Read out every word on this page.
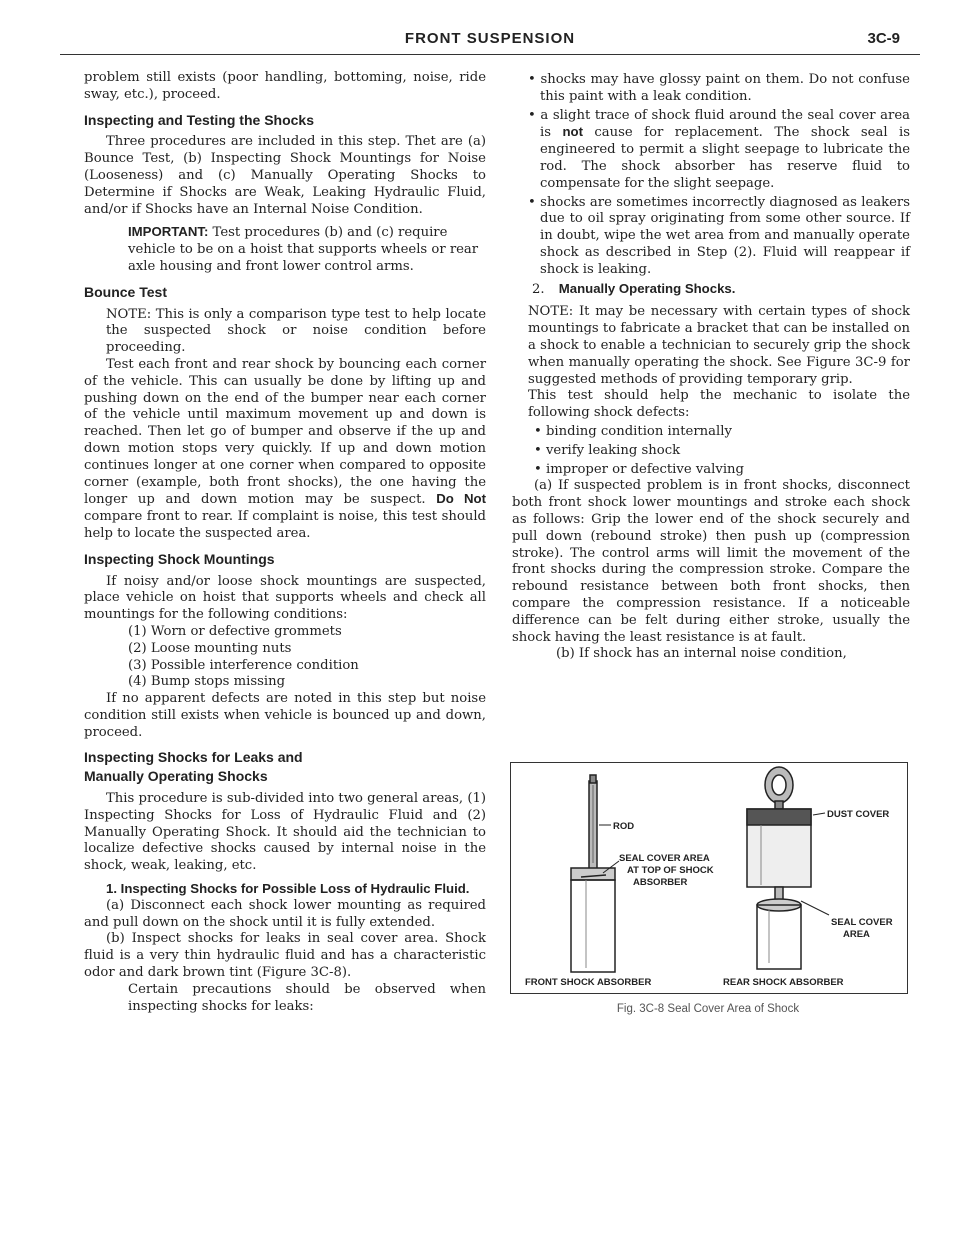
FRONT SUSPENSION	3C-9

problem still exists (poor handling, bottoming, noise, ride sway, etc.), proceed.

Inspecting and Testing the Shocks

Three procedures are included in this step. Thet are (a) Bounce Test, (b) Inspecting Shock Mountings for Noise (Looseness) and (c) Manually Operating Shocks to Determine if Shocks are Weak, Leaking Hydraulic Fluid, and/or if Shocks have an Internal Noise Condition.

IMPORTANT: Test procedures (b) and (c) require vehicle to be on a hoist that supports wheels or rear axle housing and front lower control arms.

Bounce Test

NOTE: This is only a comparison type test to help locate the suspected shock or noise condition before proceeding.

Test each front and rear shock by bouncing each corner of the vehicle. This can usually be done by lifting up and pushing down on the end of the bumper near each corner of the vehicle until maximum movement up and down is reached. Then let go of bumper and observe if the up and down motion stops very quickly. If up and down motion continues longer at one corner when compared to opposite corner (example, both front shocks), the one having the longer up and down motion may be suspect. Do Not compare front to rear. If complaint is noise, this test should help to locate the suspected area.

Inspecting Shock Mountings

If noisy and/or loose shock mountings are suspected, place vehicle on hoist that supports wheels and check all mountings for the following conditions:

(1) Worn or defective grommets

(2) Loose mounting nuts

(3) Possible interference condition

(4) Bump stops missing

If no apparent defects are noted in this step but noise condition still exists when vehicle is bounced up and down, proceed.

Inspecting Shocks for Leaks and

Manually Operating Shocks

This procedure is sub-divided into two general areas, (1) Inspecting Shocks for Loss of Hydraulic Fluid and (2) Manually Operating Shock. It should aid the technician to localize defective shocks caused by internal noise in the shock, weak, leaking, etc.

1. Inspecting Shocks for Possible Loss of Hydraulic Fluid.

(a) Disconnect each shock lower mounting as required and pull down on the shock until it is fully extended.

(b) Inspect shocks for leaks in seal cover area. Shock fluid is a very thin hydraulic fluid and has a characteristic odor and dark brown tint (Figure 3C-8).

Certain precautions should be observed when inspecting shocks for leaks:

• shocks may have glossy paint on them. Do not confuse this paint with a leak condition.

• a slight trace of shock fluid around the seal cover area is not cause for replacement. The shock seal is engineered to permit a slight seepage to lubricate the rod. The shock absorber has reserve fluid to compensate for the slight seepage.

• shocks are sometimes incorrectly diagnosed as leakers due to oil spray originating from some other source. If in doubt, wipe the wet area from and manually operate shock as described in Step (2). Fluid will reappear if shock is leaking.

2. Manually Operating Shocks.

NOTE: It may be necessary with certain types of shock mountings to fabricate a bracket that can be installed on a shock to enable a technician to securely grip the shock when manually operating the shock. See Figure 3C-9 for suggested methods of providing temporary grip.

This test should help the mechanic to isolate the following shock defects:

• binding condition internally

• verify leaking shock

• improper or defective valving

(a) If suspected problem is in front shocks, disconnect both front shock lower mountings and stroke each shock as follows: Grip the lower end of the shock securely and pull down (rebound stroke) then push up (compression stroke). The control arms will limit the movement of the front shocks during the compression stroke. Compare the rebound resistance between both front shocks, then compare the compression resistance. If a noticeable difference can be felt during either stroke, usually the shock having the least resistance is at fault.

(b) If shock has an internal noise condition,

ROD
SEAL COVER AREA
AT TOP OF SHOCK
ABSORBER
DUST COVER
SEAL COVER
AREA
FRONT SHOCK ABSORBER	REAR SHOCK ABSORBER
Fig. 3C-8 Seal Cover Area of Shock
